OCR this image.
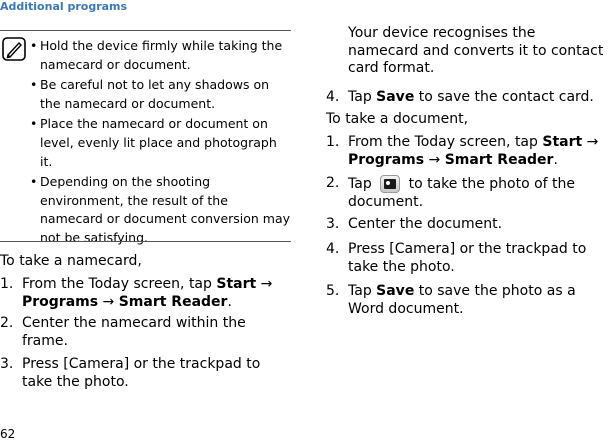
Additional programs
• Hold the device firmly while taking the namecard or document.
• Be careful not to let any shadows on the namecard or document.
• Place the namecard or document on level, evenly lit place and photograph it.
• Depending on the shooting environment, the result of the namecard or document conversion may not be satisfying.
To take a namecard,
1. From the Today screen, tap Start → Programs → Smart Reader.
2. Center the namecard within the frame.
3. Press [Camera] or the trackpad to take the photo.
Your device recognises the namecard and converts it to contact card format.
4. Tap Save to save the contact card.
To take a document,
1. From the Today screen, tap Start → Programs → Smart Reader.
2. Tap
to take the photo of the document.
3. Center the document.
4. Press [Camera] or the trackpad to take the photo.
5. Tap Save to save the photo as a Word document.
62
